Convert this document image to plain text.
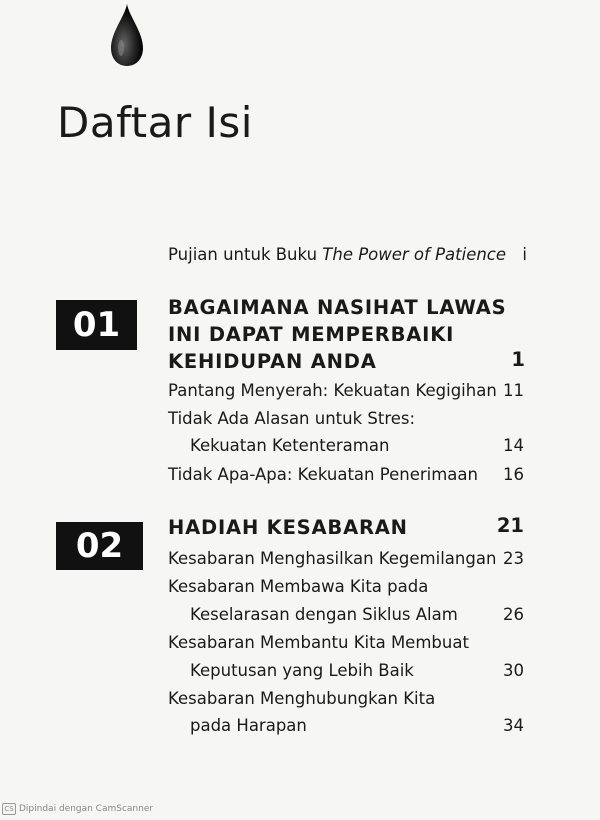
Daftar Isi
Pujian untuk Buku The Power of Patience i
01	BAGAIMANA NASIHAT LAWAS
INI DAPAT MEMPERBAIKI
KEHIDUPAN ANDA	1
Pantang Menyerah: Kekuatan Kegigihan 11
Tidak Ada Alasan untuk Stres:
Kekuatan Ketenteraman	14
Tidak Apa-Apa: Kekuatan Penerimaan	16
02	HADIAH KESABARAN	21
Kesabaran Menghasilkan Kegemilangan 23
Kesabaran Membawa Kita pada
Keselarasan dengan Siklus Alam	26
Kesabaran Membantu Kita Membuat
Keputusan yang Lebih Baik	30
Kesabaran Menghubungkan Kita
pada Harapan	34
CS Dipindai dengan CamScanner
